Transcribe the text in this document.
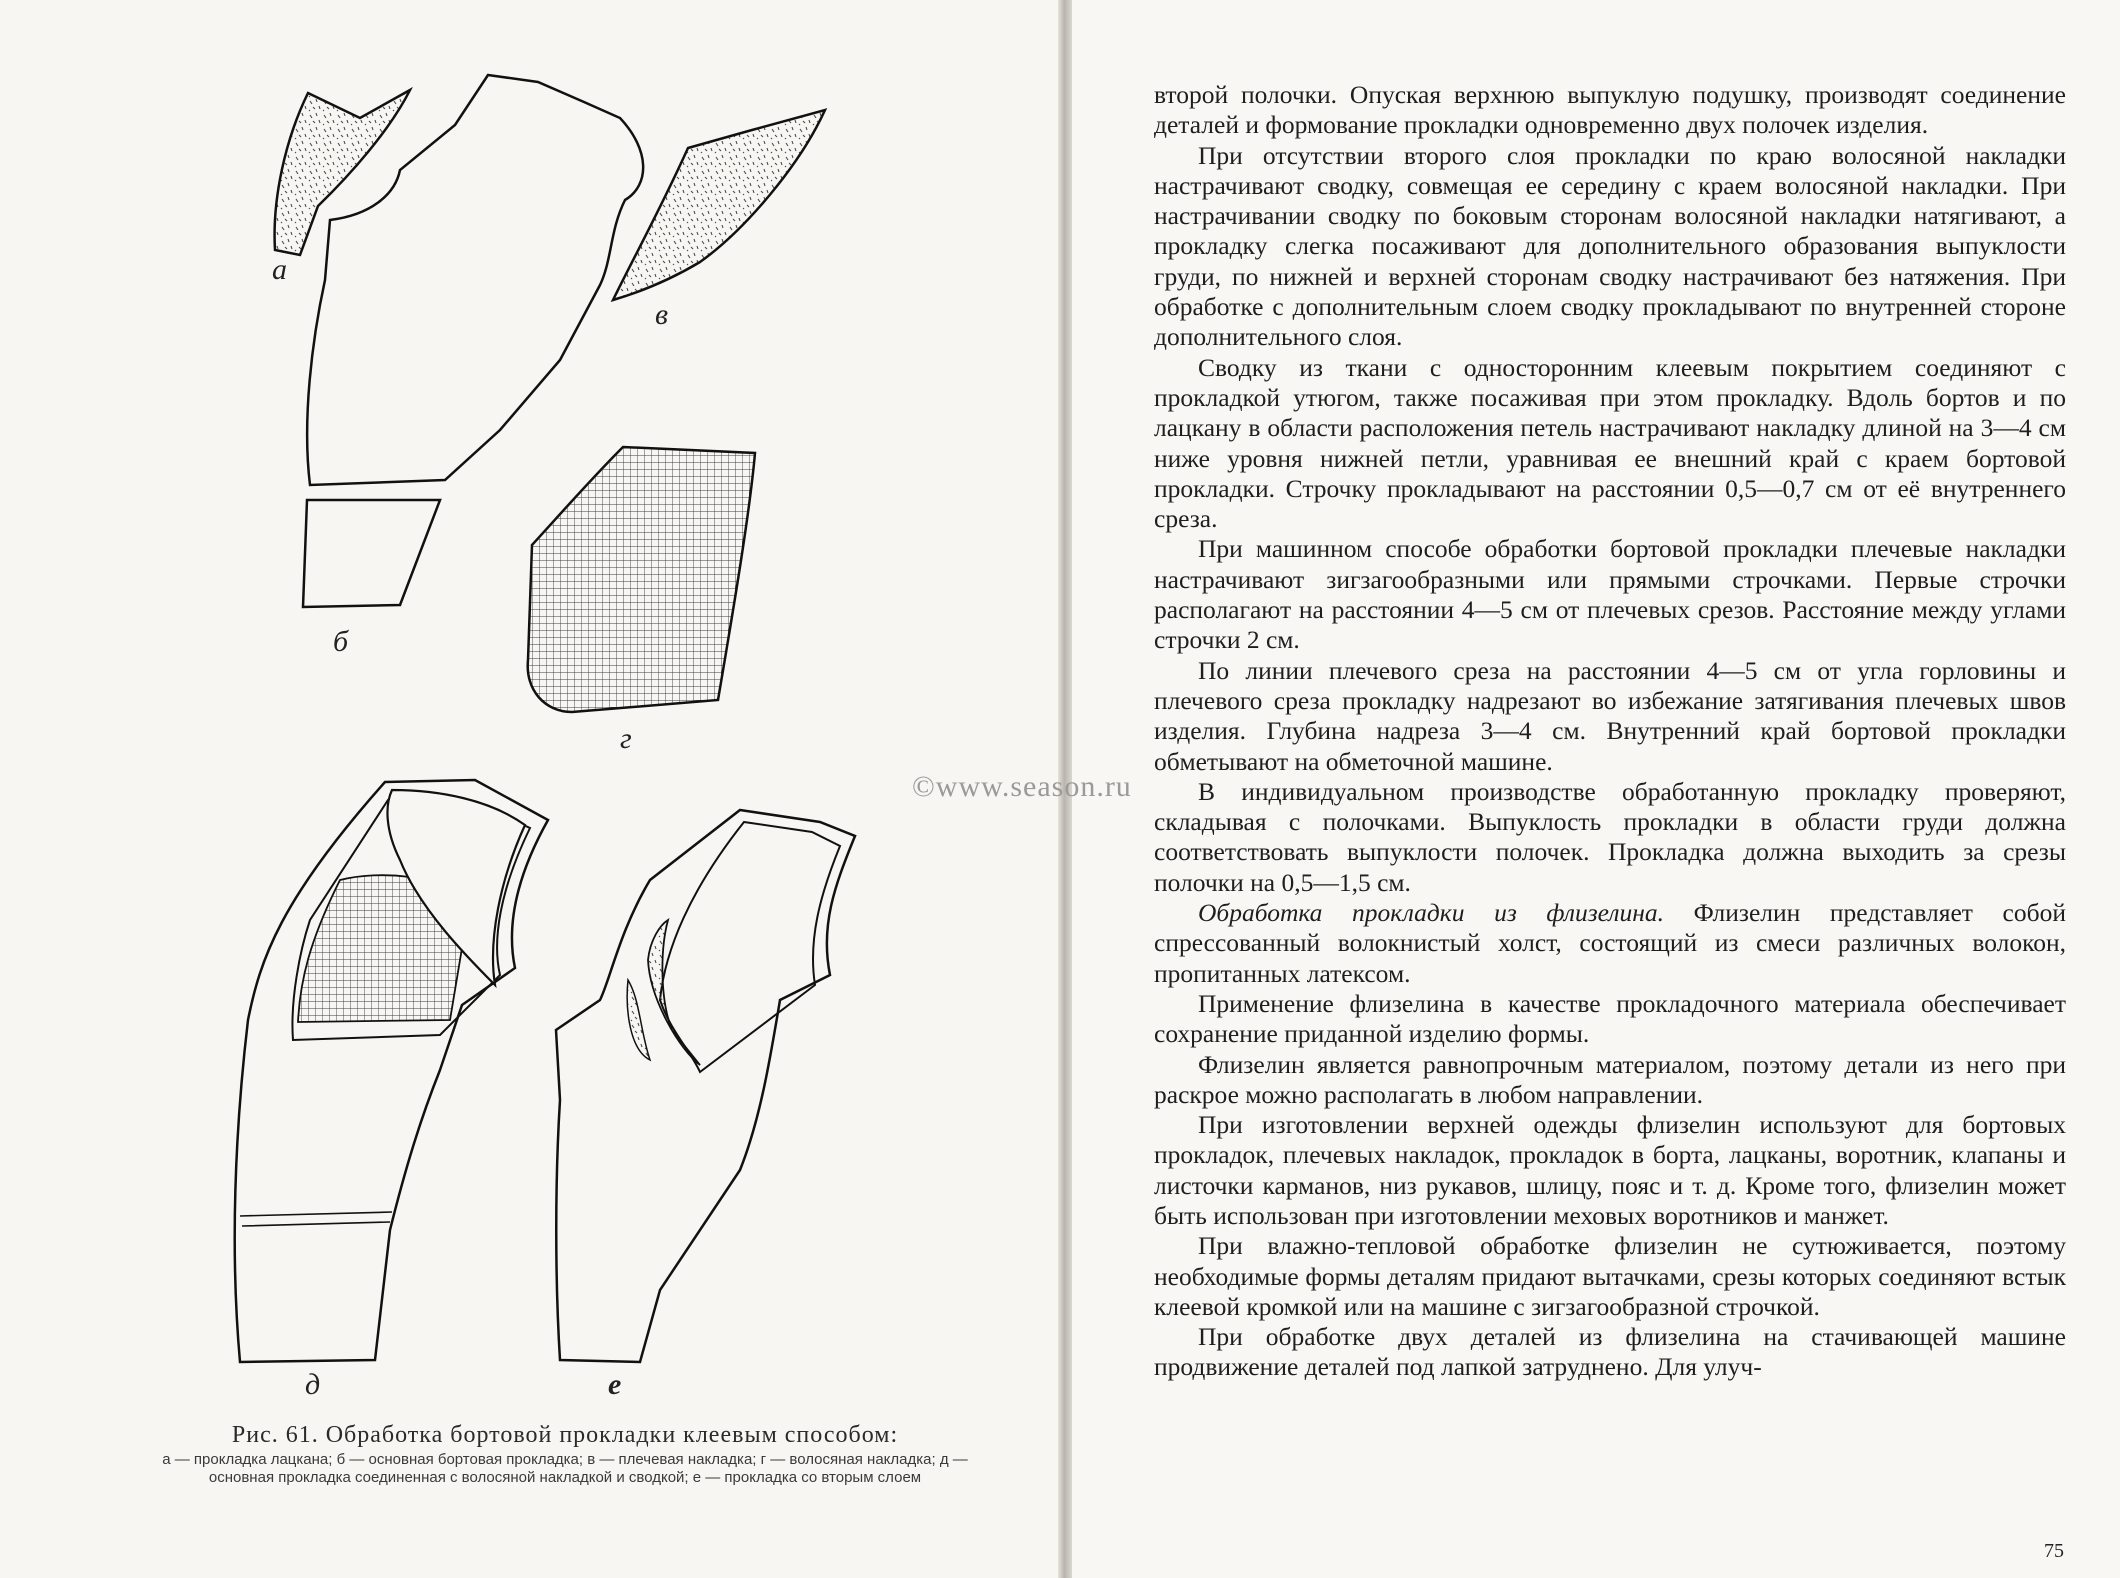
а
б
в
г
д	е
Рис. 61. Обработка бортовой прокладки клеевым способом:
а — прокладка лацкана; б — основная бортовая прокладка; в — плечевая накладка; г — волосяная накладка; д — основная прокладка соединенная с волосяной накладкой и сводкой; е — прокладка со вторым слоем
©www.season.ru

второй полочки. Опуская верхнюю выпуклую подушку, производят соединение деталей и формование прокладки одновременно двух полочек изделия.

При отсутствии второго слоя прокладки по краю волосяной накладки настрачивают сводку, совмещая ее середину с краем волосяной накладки. При настрачивании сводку по боковым сторонам волосяной накладки натягивают, а прокладку слегка посаживают для дополнительного образования выпуклости груди, по нижней и верхней сторонам сводку настрачивают без натяжения. При обработке с дополнительным слоем сводку прокладывают по внутренней стороне дополнительного слоя.

Сводку из ткани с односторонним клеевым покрытием соединяют с прокладкой утюгом, также посаживая при этом прокладку. Вдоль бортов и по лацкану в области расположения петель настрачивают накладку длиной на 3—4 см ниже уровня нижней петли, уравнивая ее внешний край с краем бортовой прокладки. Строчку прокладывают на расстоянии 0,5—0,7 см от её внутреннего среза.

При машинном способе обработки бортовой прокладки плечевые накладки настрачивают зигзагообразными или прямыми строчками. Первые строчки располагают на расстоянии 4—5 см от плечевых срезов. Расстояние между углами строчки 2 см.

По линии плечевого среза на расстоянии 4—5 см от угла горловины и плечевого среза прокладку надрезают во избежание затягивания плечевых швов изделия. Глубина надреза 3—4 см. Внутренний край бортовой прокладки обметывают на обметочной машине.

В индивидуальном производстве обработанную прокладку проверяют, складывая с полочками. Выпуклость прокладки в области груди должна соответствовать выпуклости полочек. Прокладка должна выходить за срезы полочки на 0,5—1,5 см.

Обработка прокладки из флизелина. Флизелин представляет собой спрессованный волокнистый холст, состоящий из смеси различных волокон, пропитанных латексом.

Применение флизелина в качестве прокладочного материала обеспечивает сохранение приданной изделию формы.

Флизелин является равнопрочным материалом, поэтому детали из него при раскрое можно располагать в любом направлении.

При изготовлении верхней одежды флизелин используют для бортовых прокладок, плечевых накладок, прокладок в борта, лацканы, воротник, клапаны и листочки карманов, низ рукавов, шлицу, пояс и т. д. Кроме того, флизелин может быть использован при изготовлении меховых воротников и манжет.

При влажно-тепловой обработке флизелин не сутюживается, поэтому необходимые формы деталям придают вытачками, срезы которых соединяют встык клеевой кромкой или на машине с зигзагообразной строчкой.

При обработке двух деталей из флизелина на стачивающей машине продвижение деталей под лапкой затруднено. Для улуч-

75
